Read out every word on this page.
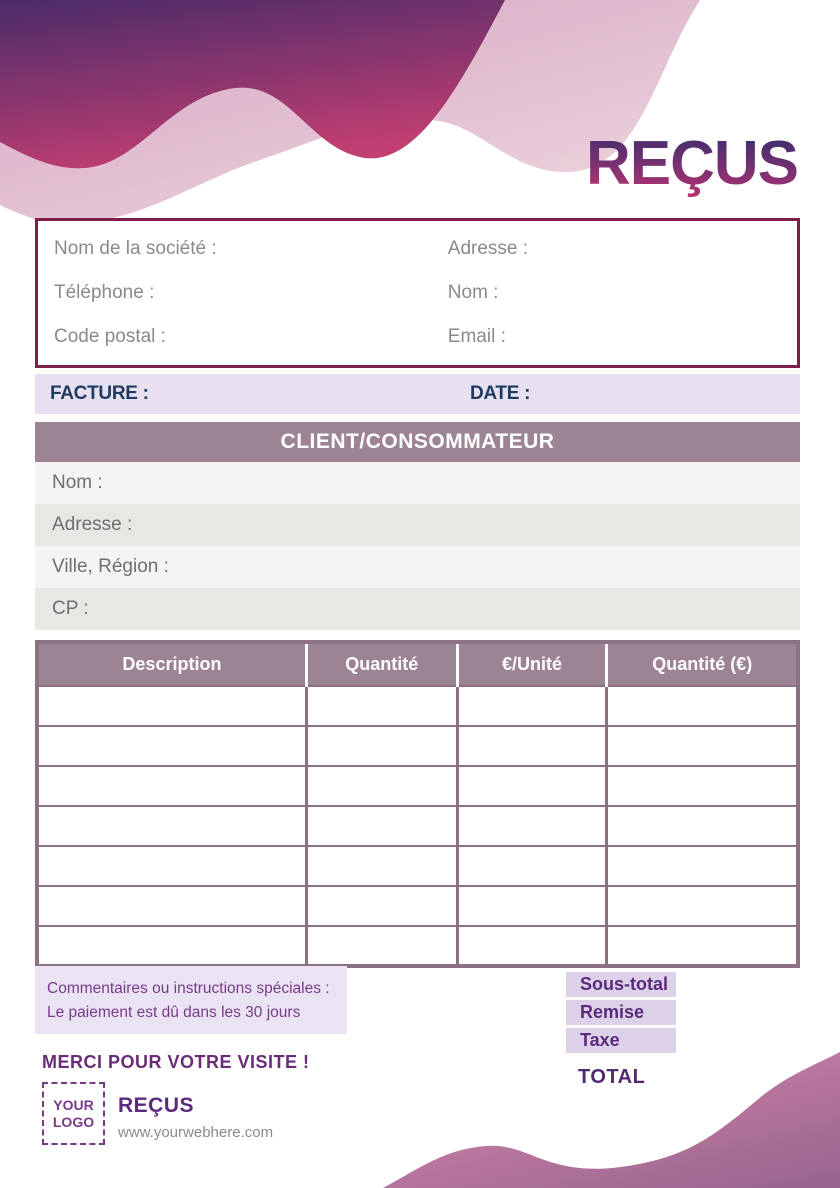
REÇUS
Nom de la société :	Adresse :
Téléphone :	Nom :
Code postal :	Email :
FACTURE :	DATE :
CLIENT/CONSOMMATEUR
Nom :
Adresse :
Ville, Région :
CP :
Description	Quantité	€/Unité	Quantité (€)

Commentaires ou instructions spéciales :
Le paiement est dû dans les 30 jours
Sous-total
Remise
Taxe
TOTAL
MERCI POUR VOTRE VISITE !
YOUR
LOGO
REÇUS
www.yourwebhere.com
